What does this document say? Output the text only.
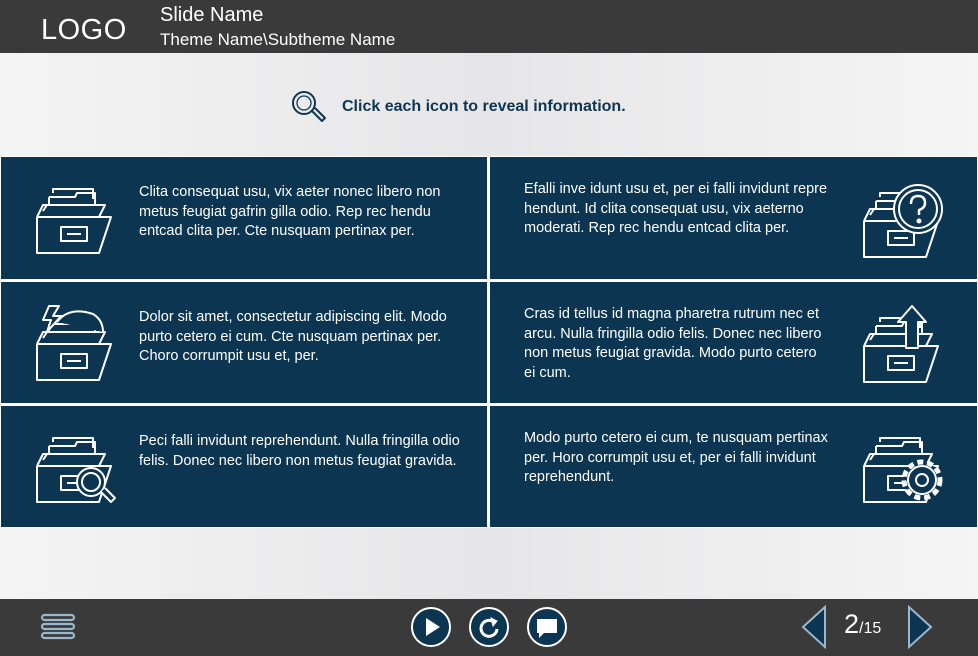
LOGO Slide Name
Theme Name\Subtheme Name
Click each icon to reveal information.
Clita consequat usu, vix aeter nonec libero non metus feugiat gafrin gilla odio. Rep rec hendu entcad clita per. Cte nusquam pertinax per.
Efalli inve idunt usu et, per ei falli invidunt repre hendunt. Id clita consequat usu, vix aeterno moderati. Rep rec hendu entcad clita per.
Dolor sit amet, consectetur adipiscing elit. Modo purto cetero ei cum. Cte nusquam pertinax per. Choro corrumpit usu et, per.
Cras id tellus id magna pharetra rutrum nec et arcu. Nulla fringilla odio felis. Donec nec libero non metus feugiat gravida. Modo purto cetero ei cum.
Peci falli invidunt reprehendunt. Nulla fringilla odio felis. Donec nec libero non metus feugiat gravida.
Modo purto cetero ei cum, te nusquam pertinax per. Horo corrumpit usu et, per ei falli invidunt reprehendunt.
2/15
